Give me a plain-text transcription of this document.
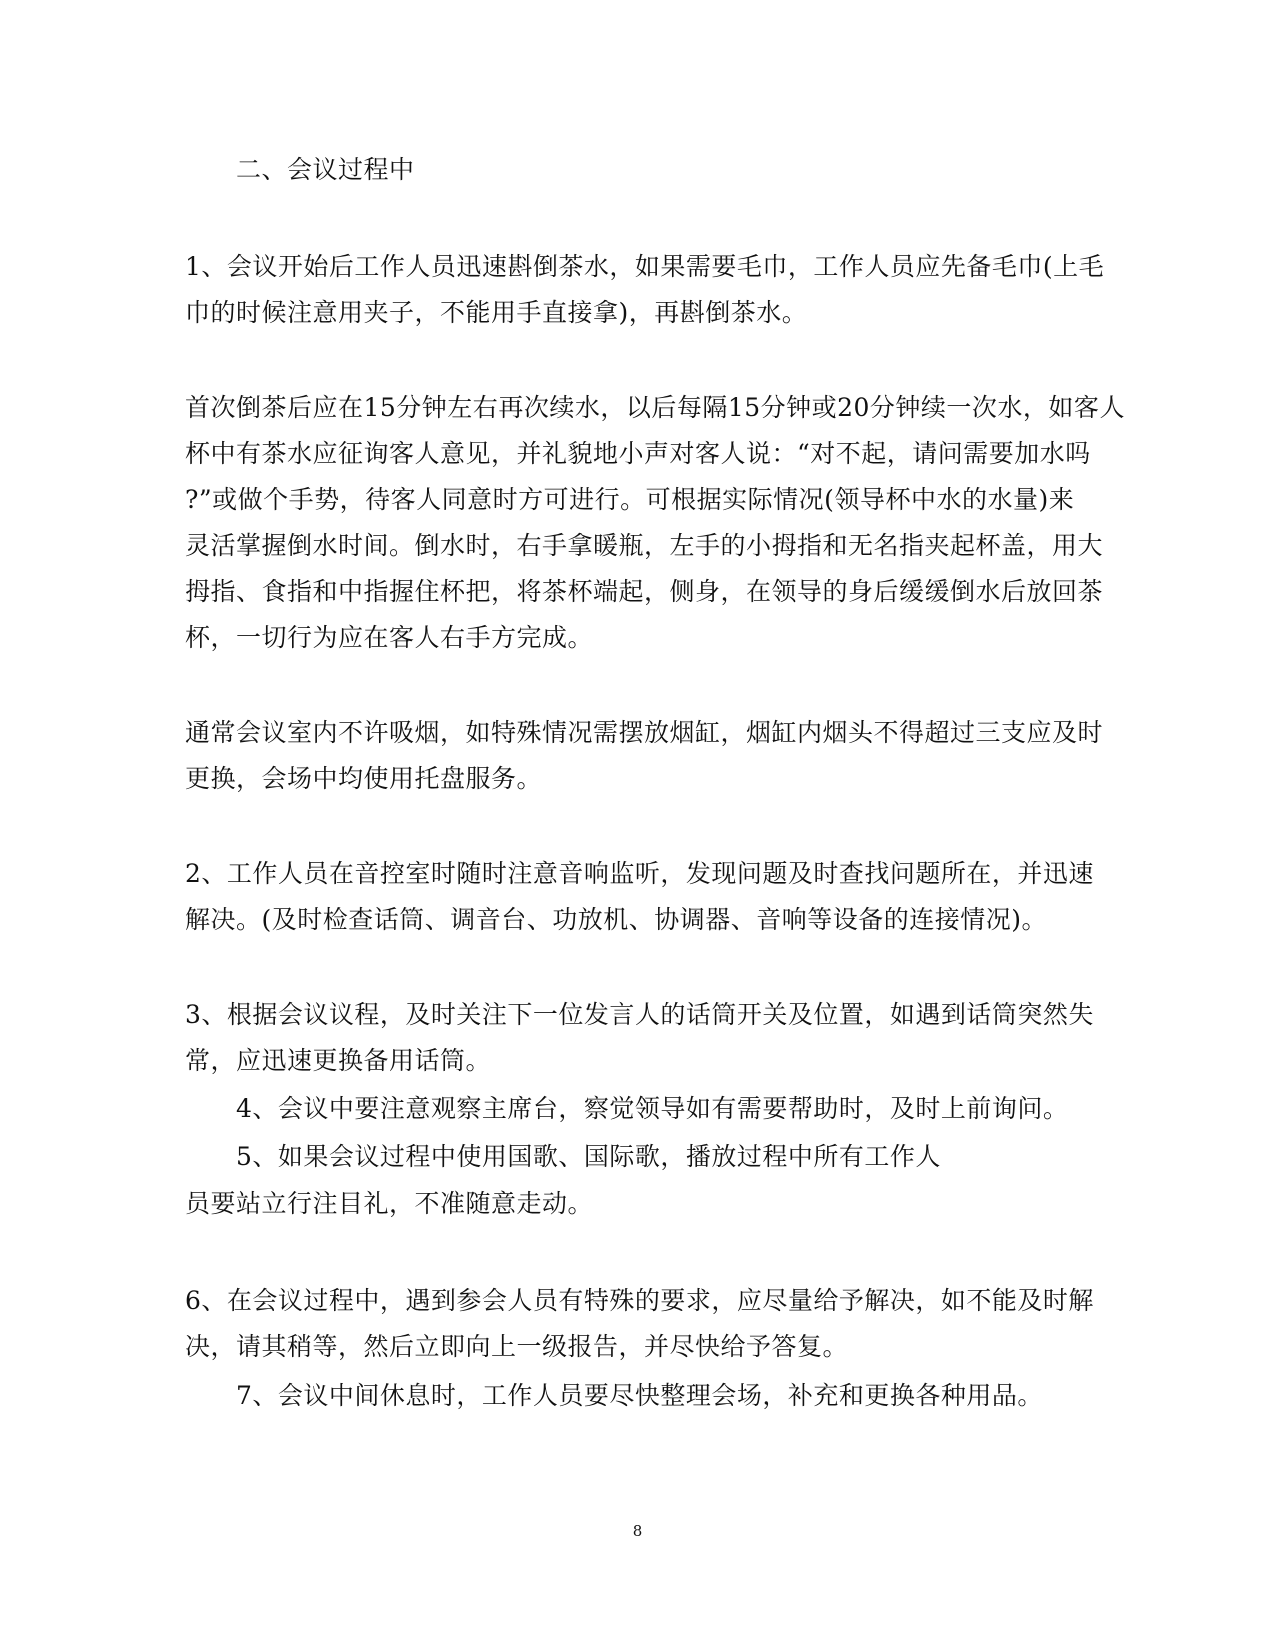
二、会议过程中
1、会议开始后工作人员迅速斟倒茶水，如果需要毛巾，工作人员应先备毛巾(上毛
巾的时候注意用夹子，不能用手直接拿)，再斟倒茶水。
首次倒茶后应在15分钟左右再次续水，以后每隔15分钟或20分钟续一次水，如客人
杯中有茶水应征询客人意见，并礼貌地小声对客人说：“对不起，请问需要加水吗
?”或做个手势，待客人同意时方可进行。可根据实际情况(领导杯中水的水量)来
灵活掌握倒水时间。倒水时，右手拿暖瓶，左手的小拇指和无名指夹起杯盖，用大
拇指、食指和中指握住杯把，将茶杯端起，侧身，在领导的身后缓缓倒水后放回茶
杯，一切行为应在客人右手方完成。
通常会议室内不许吸烟，如特殊情况需摆放烟缸，烟缸内烟头不得超过三支应及时
更换，会场中均使用托盘服务。
2、工作人员在音控室时随时注意音响监听，发现问题及时查找问题所在，并迅速
解决。(及时检查话筒、调音台、功放机、协调器、音响等设备的连接情况)。
3、根据会议议程，及时关注下一位发言人的话筒开关及位置，如遇到话筒突然失
常，应迅速更换备用话筒。
4、会议中要注意观察主席台，察觉领导如有需要帮助时，及时上前询问。
5、如果会议过程中使用国歌、国际歌，播放过程中所有工作人
员要站立行注目礼，不准随意走动。
6、在会议过程中，遇到参会人员有特殊的要求，应尽量给予解决，如不能及时解
决，请其稍等，然后立即向上一级报告，并尽快给予答复。
7、会议中间休息时，工作人员要尽快整理会场，补充和更换各种用品。
8
